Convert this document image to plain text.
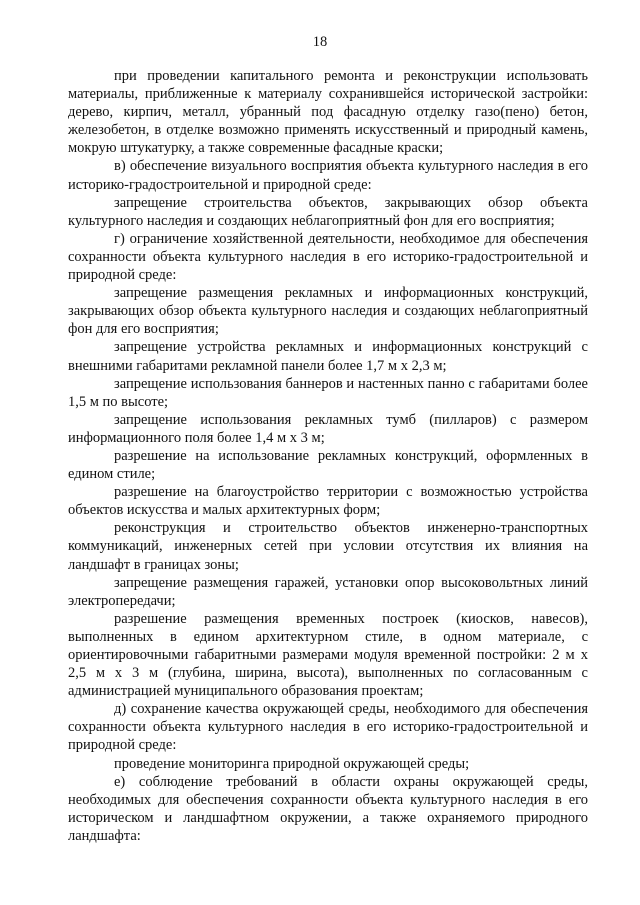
18

при проведении капитального ремонта и реконструкции использовать материалы, приближенные к материалу сохранившейся исторической застройки: дерево, кирпич, металл, убранный под фасадную отделку газо(пено) бетон, железобетон, в отделке возможно применять искусственный и природный камень, мокрую штукатурку, а также современные фасадные краски;

в) обеспечение визуального восприятия объекта культурного наследия в его историко-градостроительной и природной среде:

запрещение строительства объектов, закрывающих обзор объекта культурного наследия и создающих неблагоприятный фон для его восприятия;

г) ограничение хозяйственной деятельности, необходимое для обеспечения сохранности объекта культурного наследия в его историко-градостроительной и природной среде:

запрещение размещения рекламных и информационных конструкций, закрывающих обзор объекта культурного наследия и создающих неблагоприятный фон для его восприятия;

запрещение устройства рекламных и информационных конструкций с внешними габаритами рекламной панели более 1,7 м х 2,3 м;

запрещение использования баннеров и настенных панно с габаритами более 1,5 м по высоте;

запрещение использования рекламных тумб (пилларов) с размером информационного поля более 1,4 м х 3 м;

разрешение на использование рекламных конструкций, оформленных в едином стиле;

разрешение на благоустройство территории с возможностью устройства объектов искусства и малых архитектурных форм;

реконструкция и строительство объектов инженерно-транспортных коммуникаций, инженерных сетей при условии отсутствия их влияния на ландшафт в границах зоны;

запрещение размещения гаражей, установки опор высоковольтных линий электропередачи;

разрешение размещения временных построек (киосков, навесов), выполненных в едином архитектурном стиле, в одном материале, с ориентировочными габаритными размерами модуля временной постройки: 2 м х 2,5 м х 3 м (глубина, ширина, высота), выполненных по согласованным с администрацией муниципального образования проектам;

д) сохранение качества окружающей среды, необходимого для обеспечения сохранности объекта культурного наследия в его историко-градостроительной и природной среде:

проведение мониторинга природной окружающей среды;

е) соблюдение требований в области охраны окружающей среды, необходимых для обеспечения сохранности объекта культурного наследия в его историческом и ландшафтном окружении, а также охраняемого природного ландшафта:
